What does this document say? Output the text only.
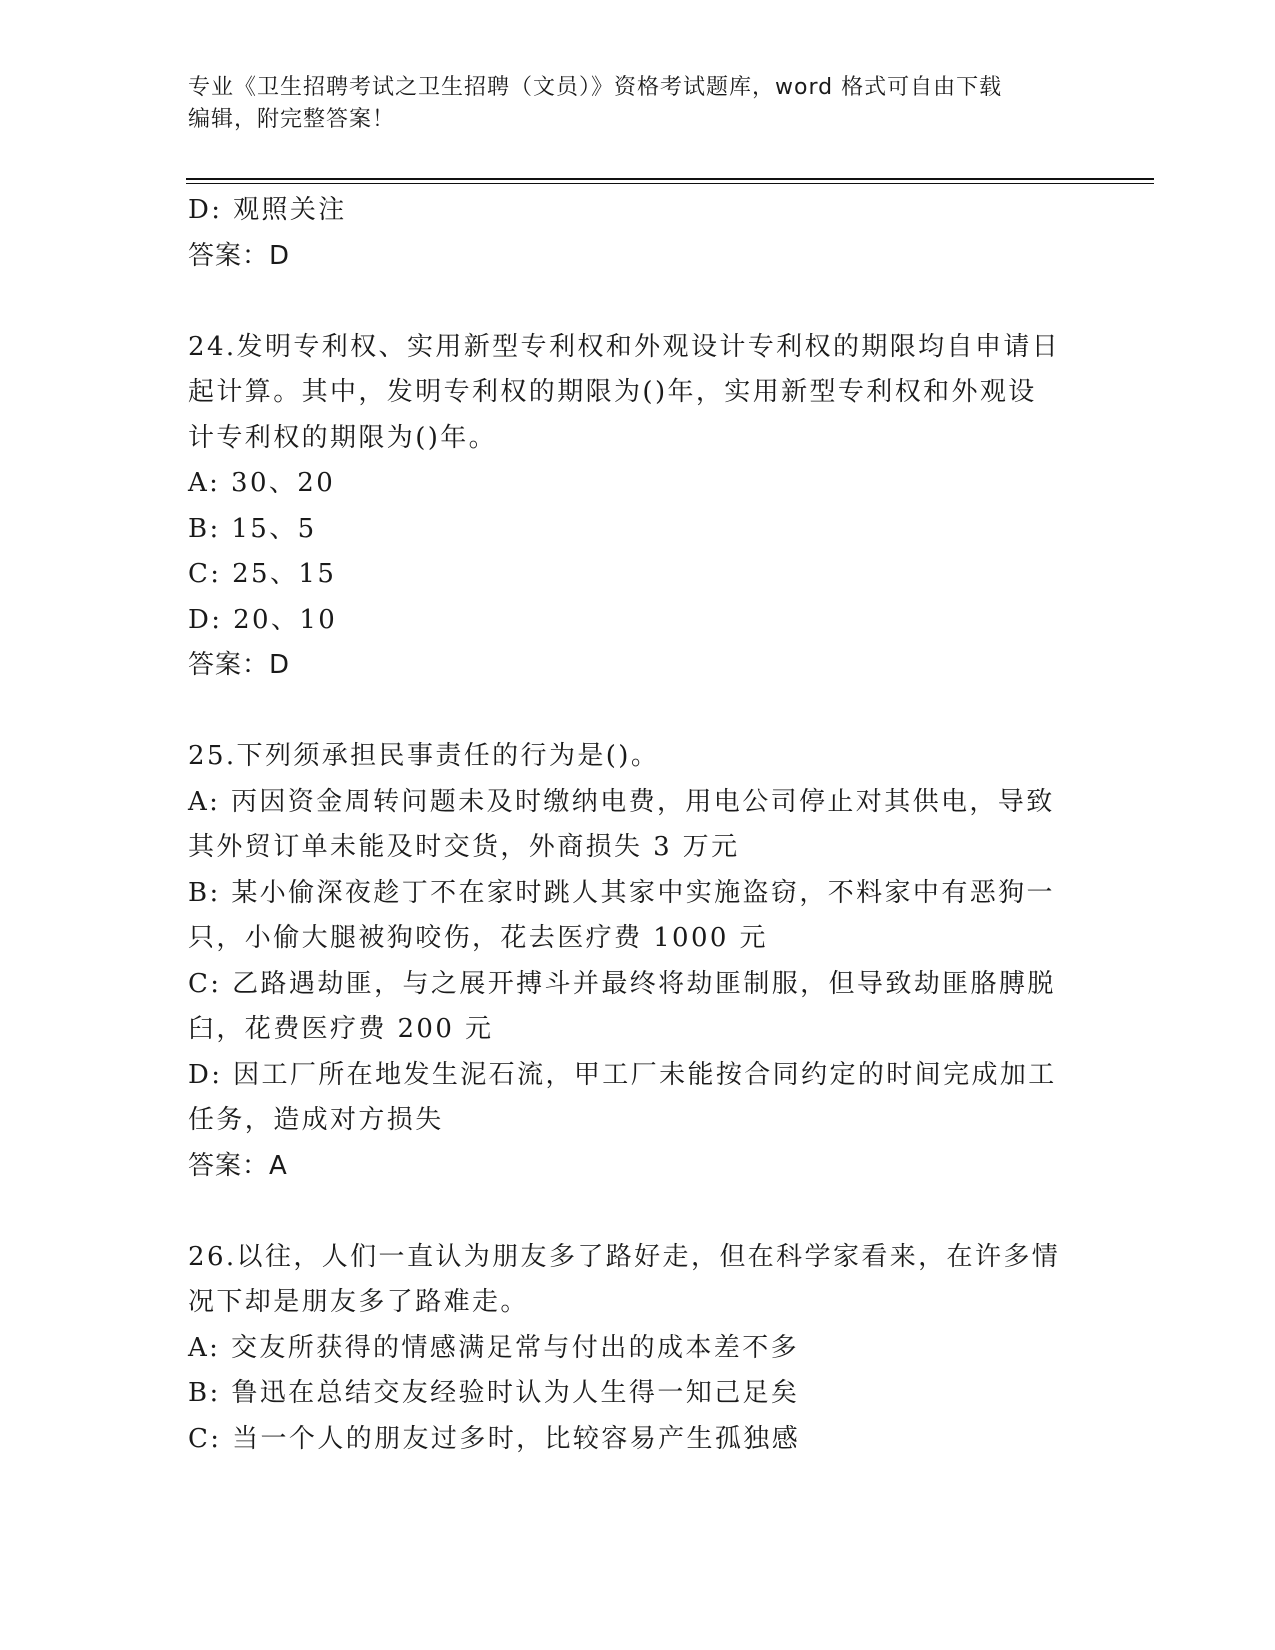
专业《卫生招聘考试之卫生招聘（文员）》资格考试题库，word 格式可自由下载
编辑，附完整答案！
D: 观照关注
答案：D
24.发明专利权、实用新型专利权和外观设计专利权的期限均自申请日
起计算。其中，发明专利权的期限为()年，实用新型专利权和外观设
计专利权的期限为()年。
A: 30、20
B: 15、5
C: 25、15
D: 20、10
答案：D
25.下列须承担民事责任的行为是()。
A: 丙因资金周转问题未及时缴纳电费，用电公司停止对其供电，导致
其外贸订单未能及时交货，外商损失 3 万元
B: 某小偷深夜趁丁不在家时跳人其家中实施盗窃，不料家中有恶狗一
只，小偷大腿被狗咬伤，花去医疗费 1000 元
C: 乙路遇劫匪，与之展开搏斗并最终将劫匪制服，但导致劫匪胳膊脱
臼，花费医疗费 200 元
D: 因工厂所在地发生泥石流，甲工厂未能按合同约定的时间完成加工
任务，造成对方损失
答案：A
26.以往，人们一直认为朋友多了路好走，但在科学家看来，在许多情
况下却是朋友多了路难走。
A: 交友所获得的情感满足常与付出的成本差不多
B: 鲁迅在总结交友经验时认为人生得一知己足矣
C: 当一个人的朋友过多时，比较容易产生孤独感
